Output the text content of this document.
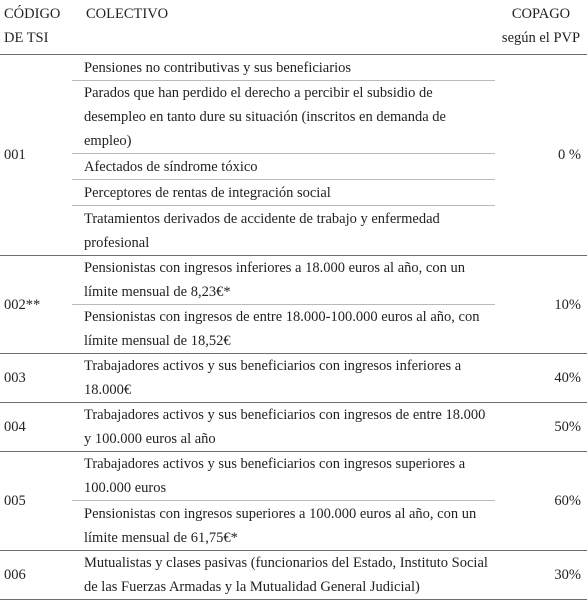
CÓDIGO DE TSI	COLECTIVO	COPAGO según el PVP
001	Pensiones no contributivas y sus beneficiarios	0 %
	Parados que han perdido el derecho a percibir el subsidio de desempleo en tanto dure su situación (inscritos en demanda de empleo)	
	Afectados de síndrome tóxico	
	Perceptores de rentas de integración social	
	Tratamientos derivados de accidente de trabajo y enfermedad profesional	
002**	Pensionistas con ingresos inferiores a 18.000 euros al año, con un límite mensual de 8,23€*	10%
	Pensionistas con ingresos de entre 18.000-100.000 euros al año, con límite mensual de 18,52€	
003	Trabajadores activos y sus beneficiarios con ingresos inferiores a 18.000€	40%
004	Trabajadores activos y sus beneficiarios con ingresos de entre 18.000 y 100.000 euros al año	50%
005	Trabajadores activos y sus beneficiarios con ingresos superiores a 100.000 euros	60%
	Pensionistas con ingresos superiores a 100.000 euros al año, con un límite mensual de 61,75€*	
006	Mutualistas y clases pasivas (funcionarios del Estado, Instituto Social de las Fuerzas Armadas y la Mutualidad General Judicial)	30%
